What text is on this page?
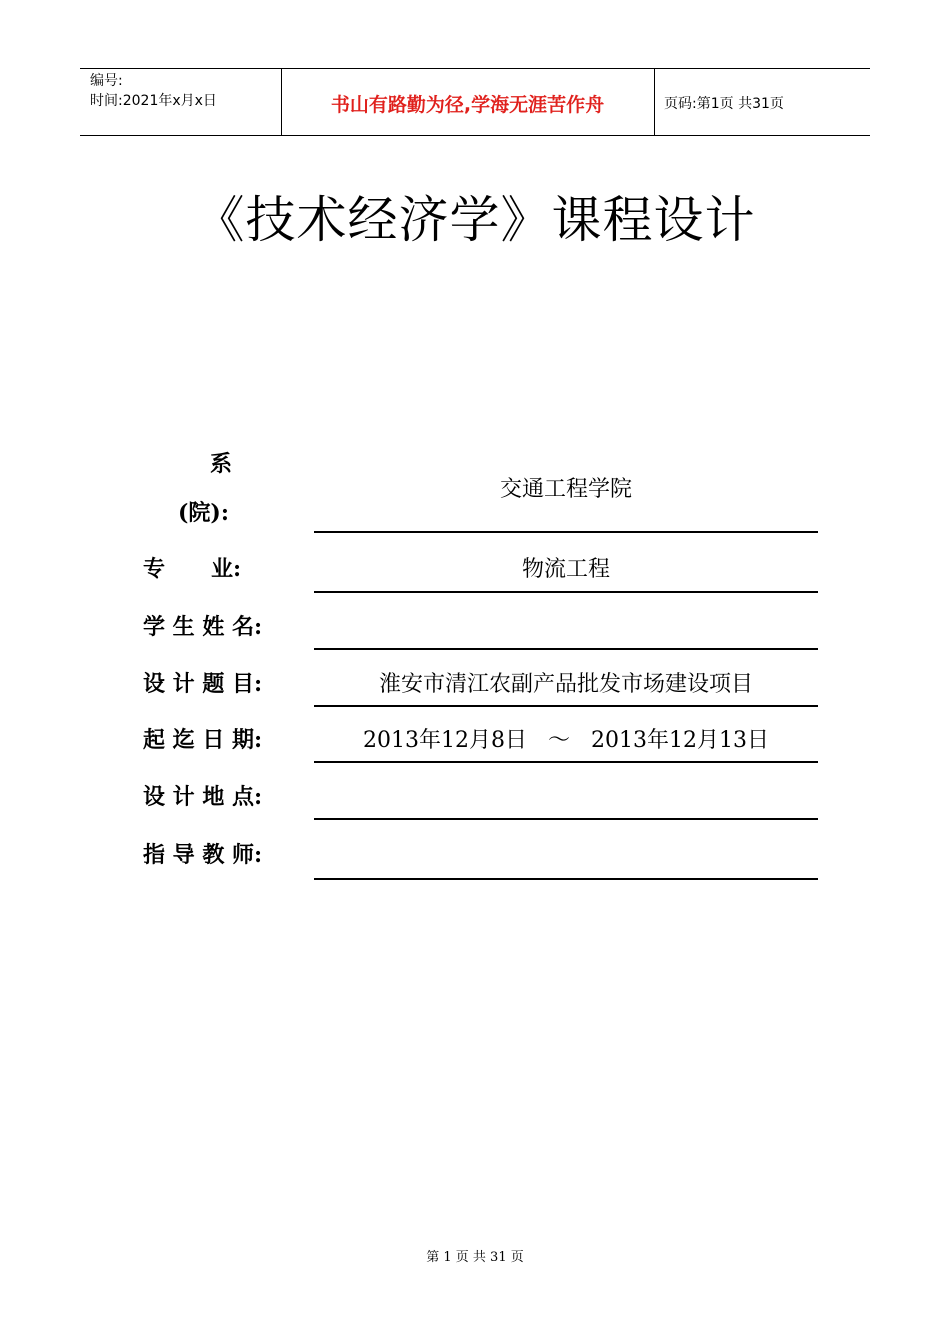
编号:
时间:2021年x月x日	书山有路勤为径,学海无涯苦作舟	页码:第1页 共31页
《技术经济学》课程设计
系
(院):
交通工程学院
专      业:	物流工程
学 生 姓 名:
设 计 题 目:	淮安市清江农副产品批发市场建设项目
起 迄 日 期:	2013年12月8日   ～   2013年12月13日
设 计 地 点:
指 导 教 师:
第 1 页 共 31 页
